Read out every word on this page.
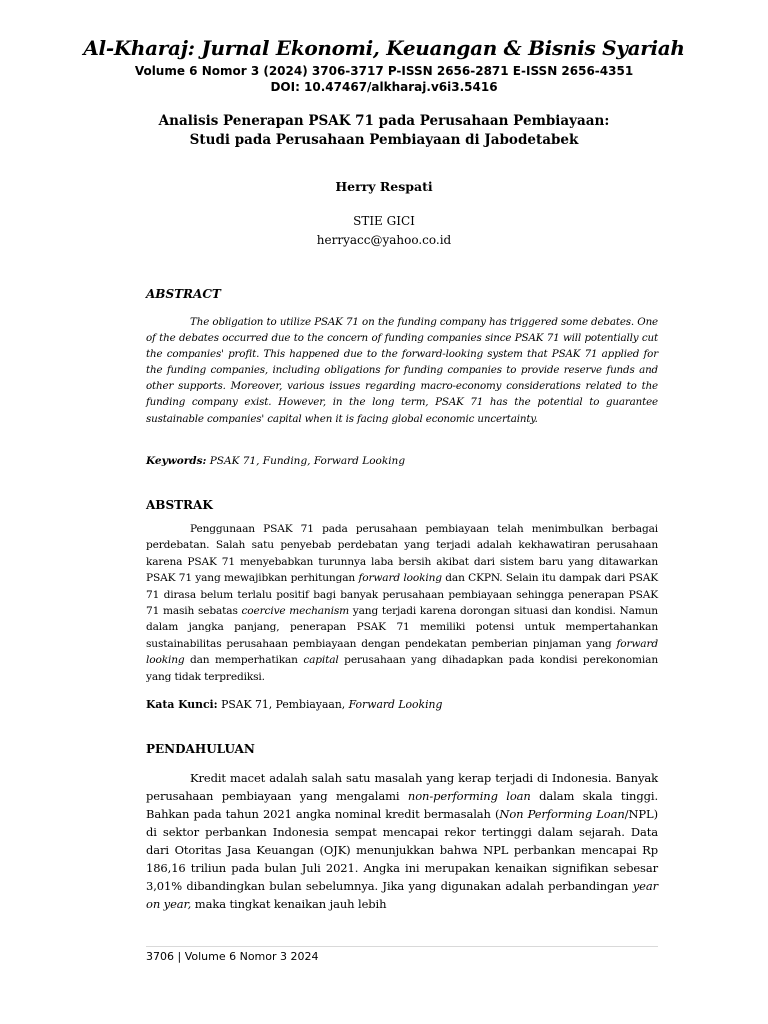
Al-Kharaj: Jurnal Ekonomi, Keuangan & Bisnis Syariah
Volume 6 Nomor 3 (2024) 3706-3717 P-ISSN 2656-2871 E-ISSN 2656-4351
DOI: 10.47467/alkharaj.v6i3.5416
Analisis Penerapan PSAK 71 pada Perusahaan Pembiayaan: Studi pada Perusahaan Pembiayaan di Jabodetabek
Herry Respati
STIE GICI
herryacc@yahoo.co.id
ABSTRACT
The obligation to utilize PSAK 71 on the funding company has triggered some debates. One of the debates occurred due to the concern of funding companies since PSAK 71 will potentially cut the companies' profit. This happened due to the forward-looking system that PSAK 71 applied for the funding companies, including obligations for funding companies to provide reserve funds and other supports. Moreover, various issues regarding macro-economy considerations related to the funding company exist. However, in the long term, PSAK 71 has the potential to guarantee sustainable companies' capital when it is facing global economic uncertainty.
Keywords: PSAK 71, Funding, Forward Looking
ABSTRAK
Penggunaan PSAK 71 pada perusahaan pembiayaan telah menimbulkan berbagai perdebatan. Salah satu penyebab perdebatan yang terjadi adalah kekhawatiran perusahaan karena PSAK 71 menyebabkan turunnya laba bersih akibat dari sistem baru yang ditawarkan PSAK 71 yang mewajibkan perhitungan forward looking dan CKPN. Selain itu dampak dari PSAK 71 dirasa belum terlalu positif bagi banyak perusahaan pembiayaan sehingga penerapan PSAK 71 masih sebatas coercive mechanism yang terjadi karena dorongan situasi dan kondisi. Namun dalam jangka panjang, penerapan PSAK 71 memiliki potensi untuk mempertahankan sustainabilitas perusahaan pembiayaan dengan pendekatan pemberian pinjaman yang forward looking dan memperhatikan capital perusahaan yang dihadapkan pada kondisi perekonomian yang tidak terprediksi.
Kata Kunci: PSAK 71, Pembiayaan, Forward Looking
PENDAHULUAN
Kredit macet adalah salah satu masalah yang kerap terjadi di Indonesia. Banyak perusahaan pembiayaan yang mengalami non-performing loan dalam skala tinggi. Bahkan pada tahun 2021 angka nominal kredit bermasalah (Non Performing Loan/NPL) di sektor perbankan Indonesia sempat mencapai rekor tertinggi dalam sejarah. Data dari Otoritas Jasa Keuangan (OJK) menunjukkan bahwa NPL perbankan mencapai Rp 186,16 triliun pada bulan Juli 2021. Angka ini merupakan kenaikan signifikan sebesar 3,01% dibandingkan bulan sebelumnya. Jika yang digunakan adalah perbandingan year on year, maka tingkat kenaikan jauh lebih
3706 | Volume 6 Nomor 3 2024
